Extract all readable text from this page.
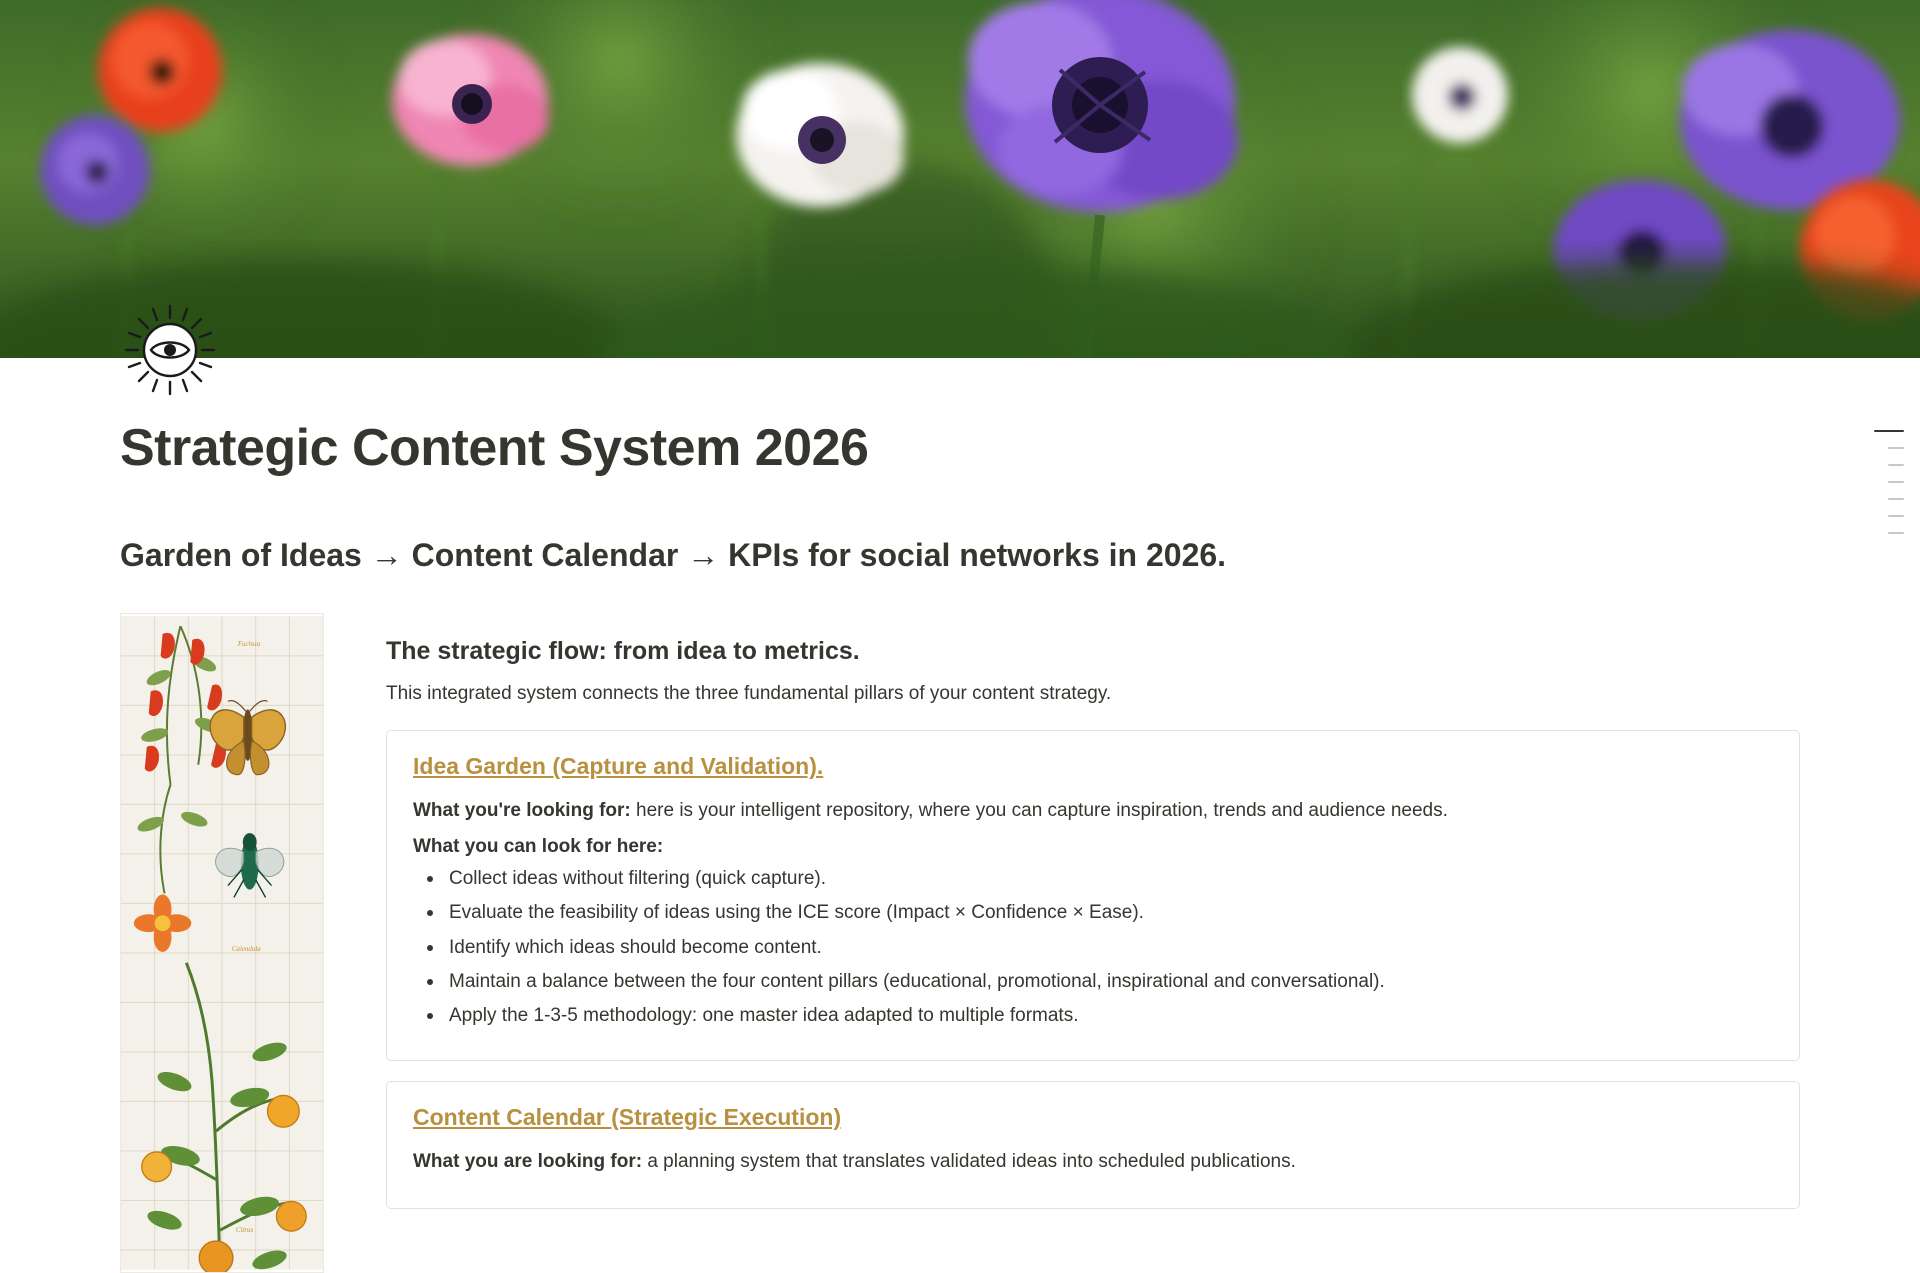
Strategic Content System 2026
Garden of Ideas → Content Calendar → KPIs for social networks in 2026.
Fuchsia
Calendula
Citrus
The strategic flow: from idea to metrics.
This integrated system connects the three fundamental pillars of your content strategy.
Idea Garden (Capture and Validation).

What you're looking for: here is your intelligent repository, where you can capture inspiration, trends and audience needs.

What you can look for here:
Collect ideas without filtering (quick capture).
Evaluate the feasibility of ideas using the ICE score (Impact × Confidence × Ease).
Identify which ideas should become content.
Maintain a balance between the four content pillars (educational, promotional, inspirational and conversational).
Apply the 1-3-5 methodology: one master idea adapted to multiple formats.
Content Calendar (Strategic Execution)

What you are looking for: a planning system that translates validated ideas into scheduled publications.
